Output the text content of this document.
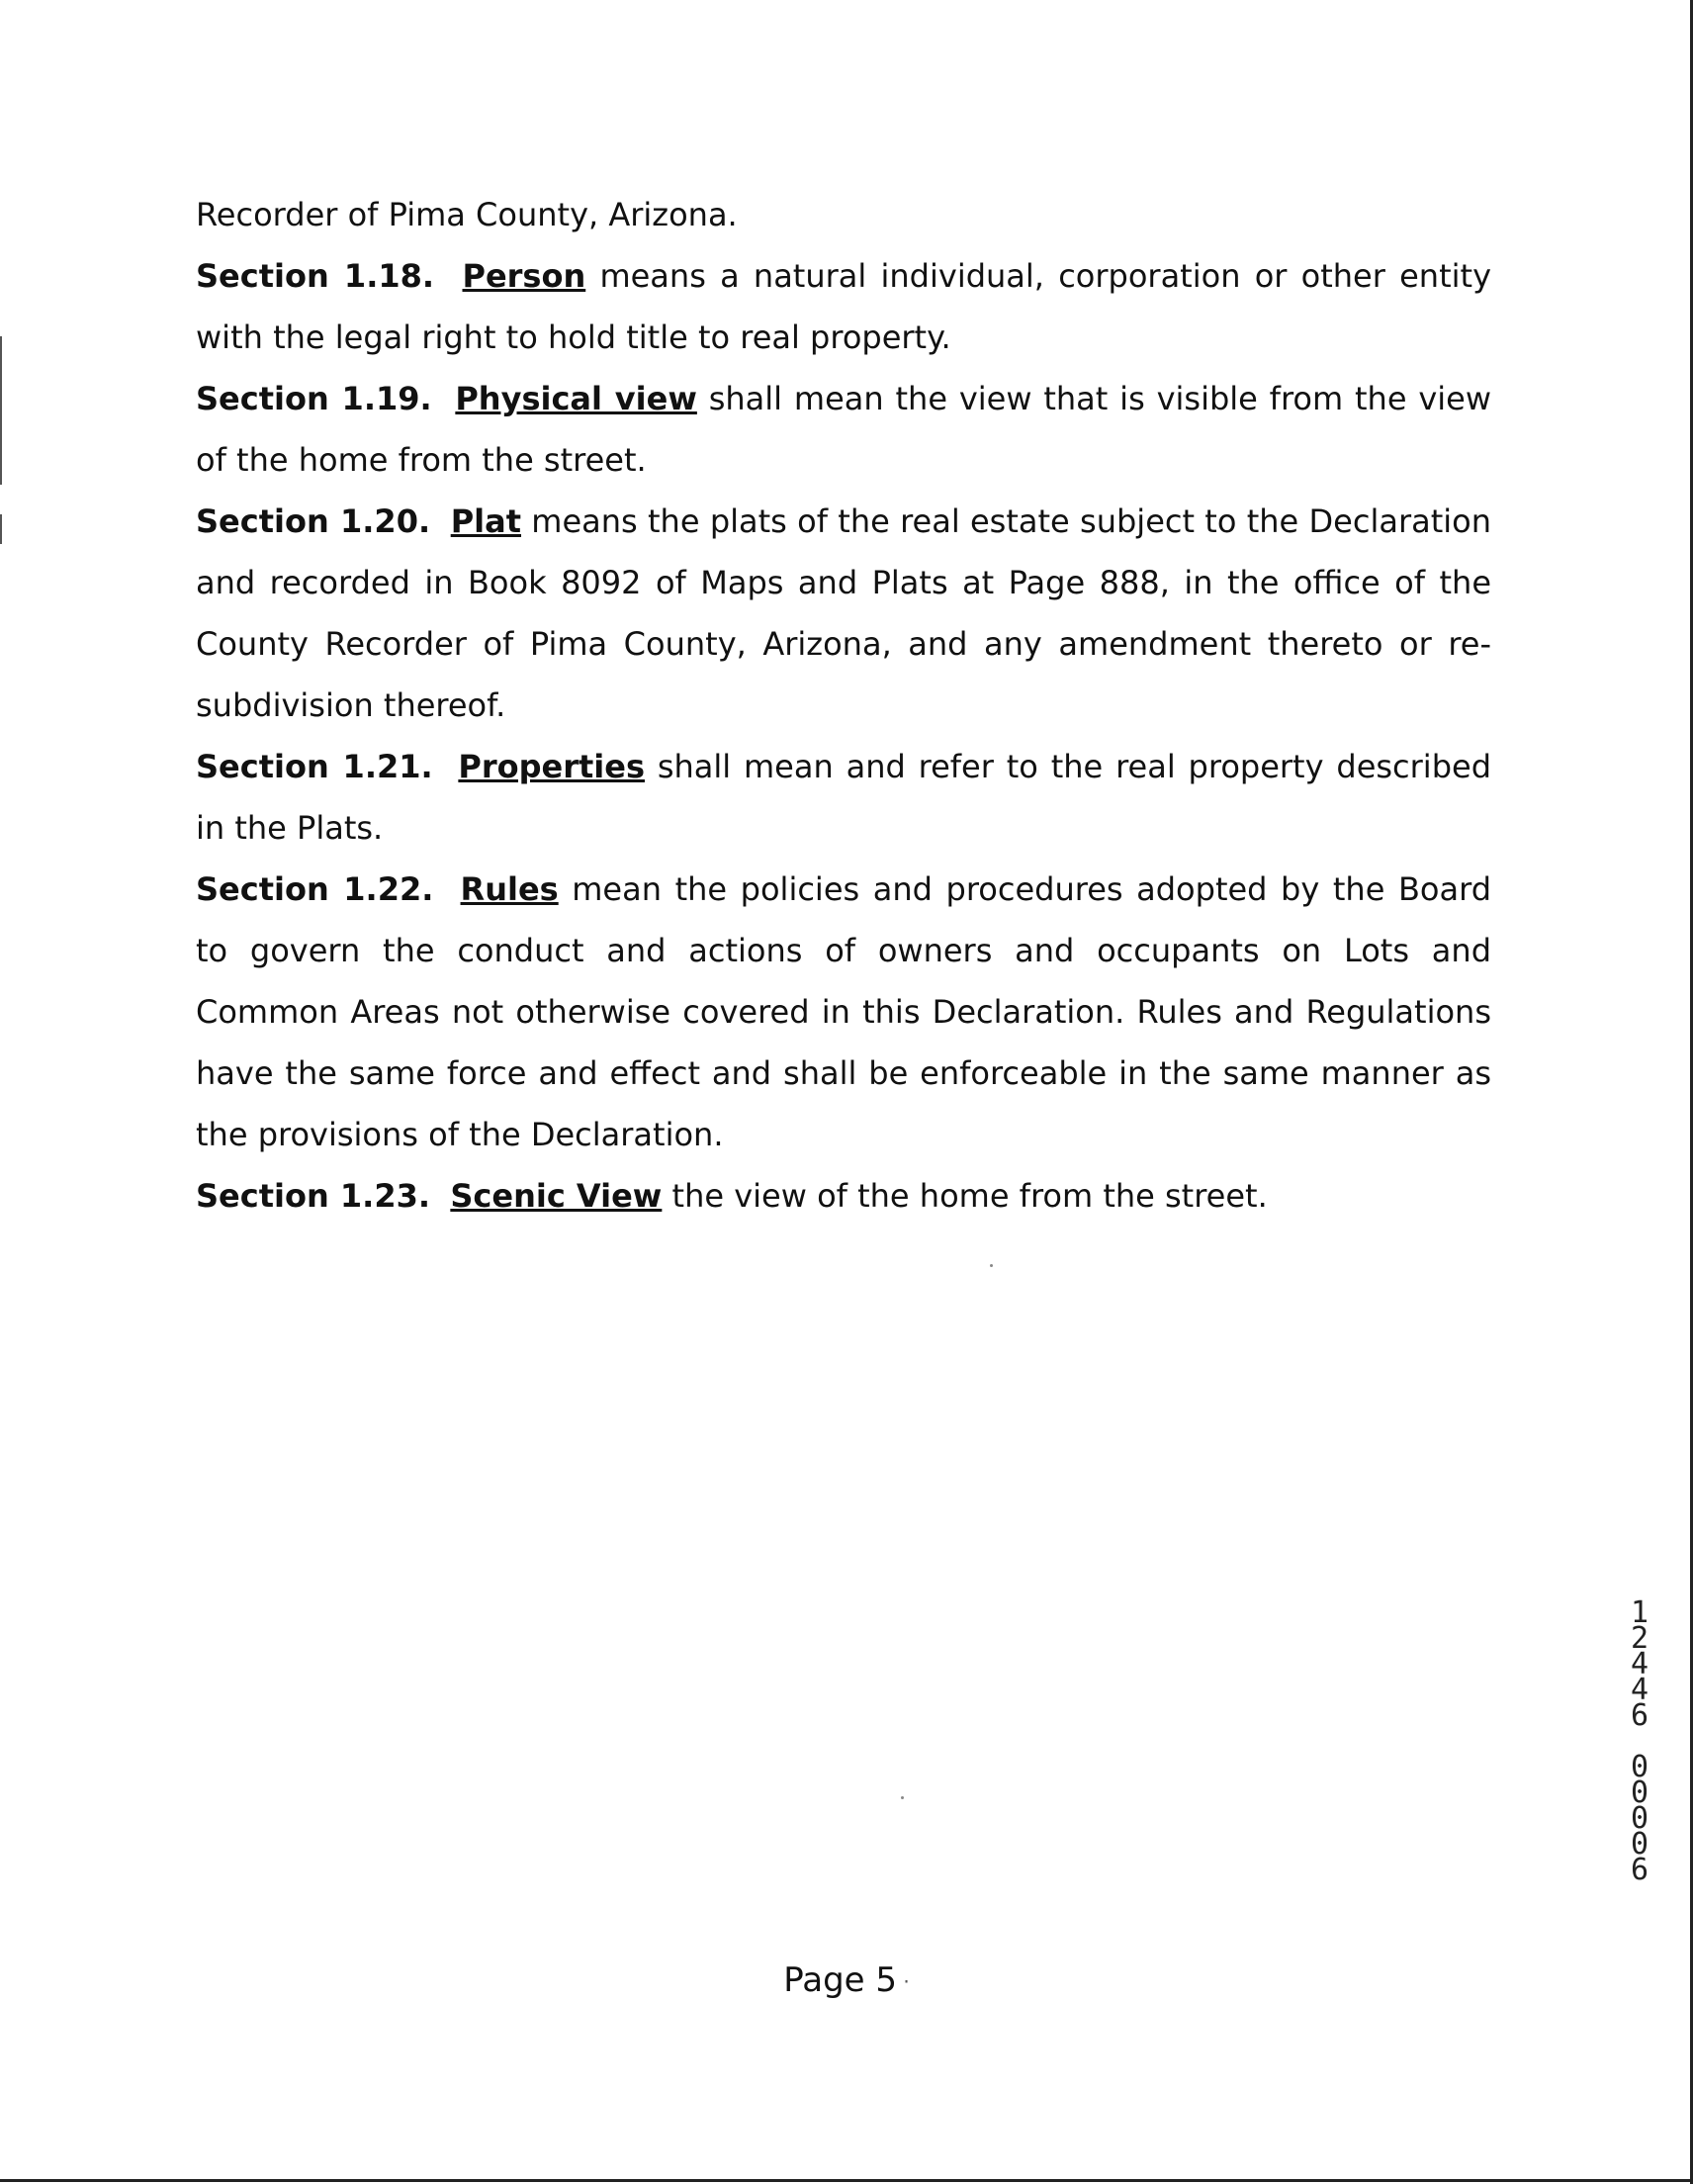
Recorder of Pima County, Arizona.

Section 1.18. Person means a natural individual, corporation or other entity with the legal right to hold title to real property.

Section 1.19. Physical view shall mean the view that is visible from the view of the home from the street.

Section 1.20. Plat means the plats of the real estate subject to the Declaration and recorded in Book 8092 of Maps and Plats at Page 888, in the office of the County Recorder of Pima County, Arizona, and any amendment thereto or re-subdivision thereof.

Section 1.21. Properties shall mean and refer to the real property described in the Plats.

Section 1.22. Rules mean the policies and procedures adopted by the Board to govern the conduct and actions of owners and occupants on Lots and Common Areas not otherwise covered in this Declaration. Rules and Regulations have the same force and effect and shall be enforceable in the same manner as the provisions of the Declaration.

Section 1.23. Scenic View the view of the home from the street.

1
2
4
4
6
0
0
0
0
6
Page 5 ·
